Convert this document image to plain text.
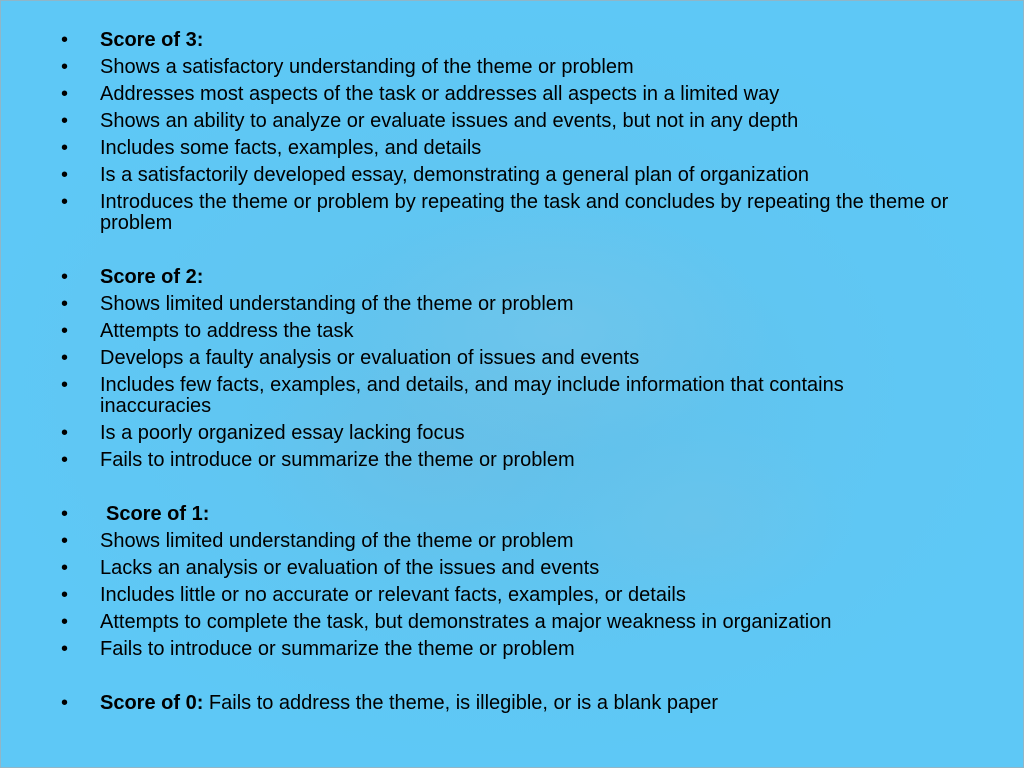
• Score of 3:
• Shows a satisfactory understanding of the theme or problem
• Addresses most aspects of the task or addresses all aspects in a limited way
• Shows an ability to analyze or evaluate issues and events, but not in any depth
• Includes some facts, examples, and details
• Is a satisfactorily developed essay, demonstrating a general plan of organization
• Introduces the theme or problem by repeating the task and concludes by repeating the theme or problem
• Score of 2:
• Shows limited understanding of the theme or problem
• Attempts to address the task
• Develops a faulty analysis or evaluation of issues and events
• Includes few facts, examples, and details, and may include information that contains inaccuracies
• Is a poorly organized essay lacking focus
• Fails to introduce or summarize the theme or problem
• Score of 1:
• Shows limited understanding of the theme or problem
• Lacks an analysis or evaluation of the issues and events
• Includes little or no accurate or relevant facts, examples, or details
• Attempts to complete the task, but demonstrates a major weakness in organization
• Fails to introduce or summarize the theme or problem
• Score of 0: Fails to address the theme, is illegible, or is a blank paper
